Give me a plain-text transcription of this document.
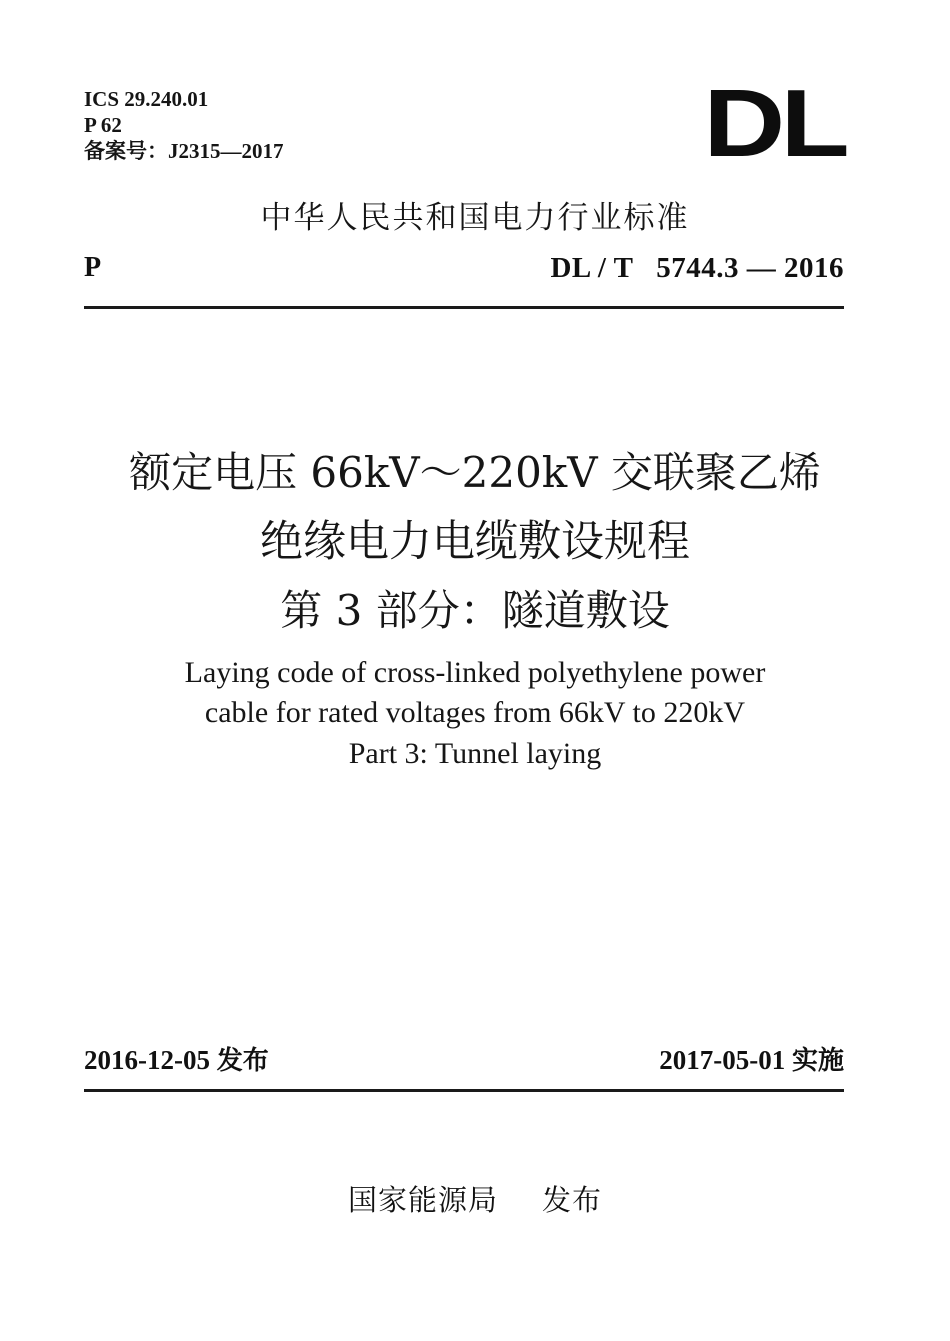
ICS 29.240.01
P 62
备案号：J2315—2017	DL
中华人民共和国电力行业标准
P	DL / T   5744.3 — 2016
额定电压 66kV～220kV 交联聚乙烯
绝缘电力电缆敷设规程
第 3 部分：隧道敷设
Laying code of cross-linked polyethylene power
cable for rated voltages from 66kV to 220kV
Part 3: Tunnel laying
2016-12-05 发布	2017-05-01 实施
国家能源局 发布
